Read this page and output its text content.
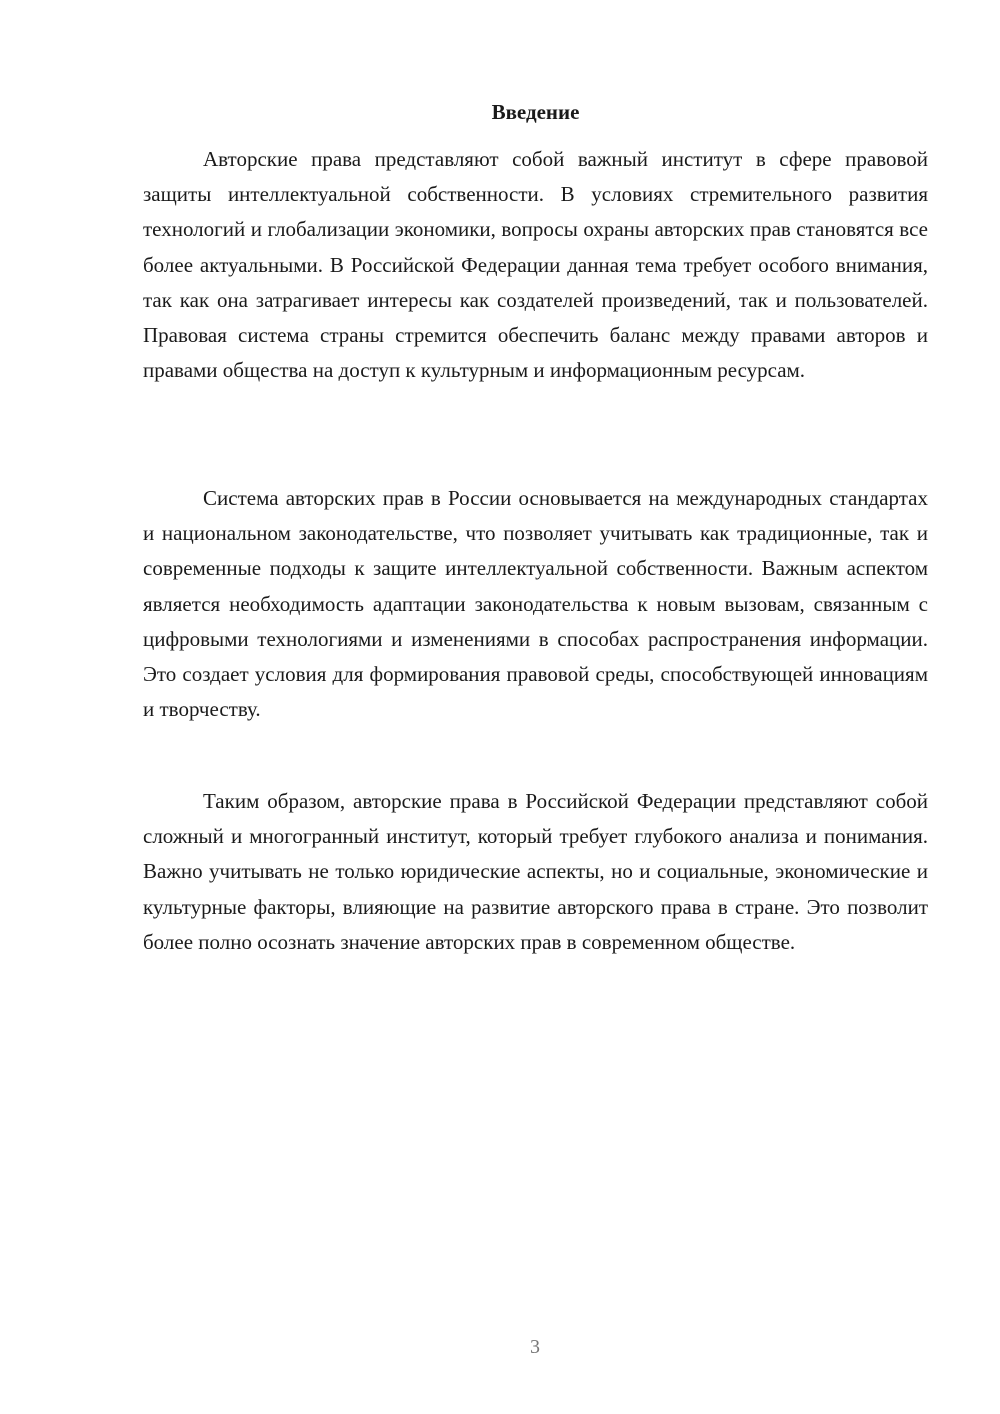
Введение

Авторские права представляют собой важный институт в сфере правовой защиты интеллектуальной собственности. В условиях стремительного развития технологий и глобализации экономики, вопросы охраны авторских прав становятся все более актуальными. В Российской Федерации данная тема требует особого внимания, так как она затрагивает интересы как создателей произведений, так и пользователей. Правовая система страны стремится обеспечить баланс между правами авторов и правами общества на доступ к культурным и информационным ресурсам.

Система авторских прав в России основывается на международных стандартах и национальном законодательстве, что позволяет учитывать как традиционные, так и современные подходы к защите интеллектуальной собственности. Важным аспектом является необходимость адаптации законодательства к новым вызовам, связанным с цифровыми технологиями и изменениями в способах распространения информации. Это создает условия для формирования правовой среды, способствующей инновациям и творчеству.

Таким образом, авторские права в Российской Федерации представляют собой сложный и многогранный институт, который требует глубокого анализа и понимания. Важно учитывать не только юридические аспекты, но и социальные, экономические и культурные факторы, влияющие на развитие авторского права в стране. Это позволит более полно осознать значение авторских прав в современном обществе.

3
